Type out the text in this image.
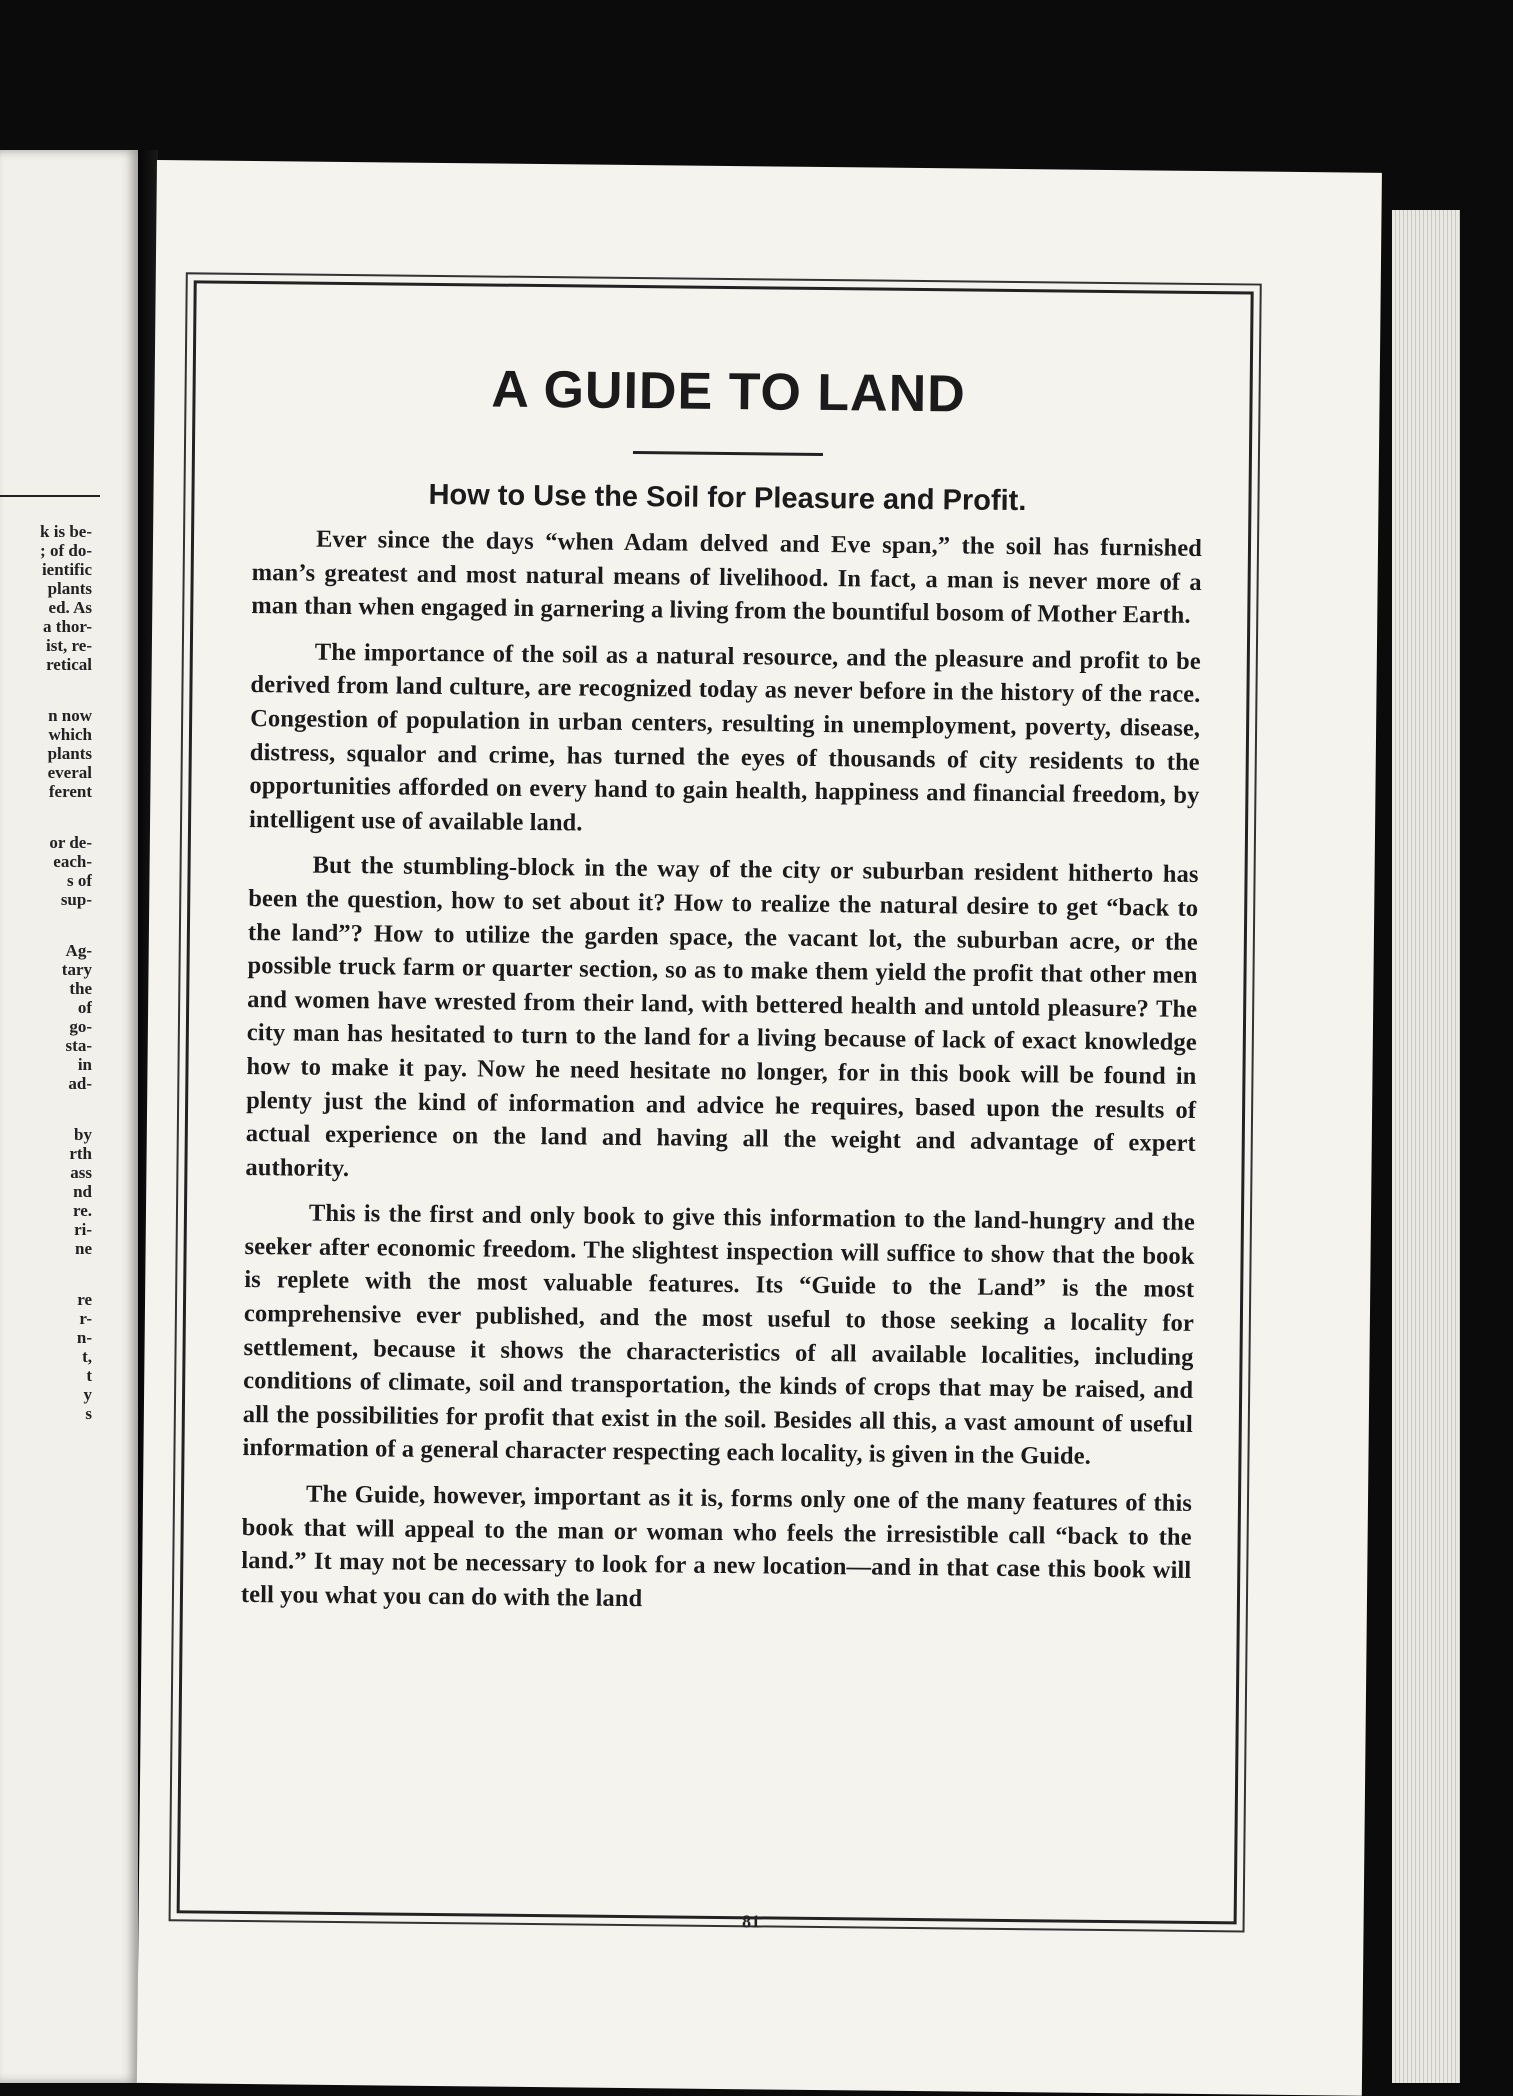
k is be-
; of do-
ientific
plants
ed. As
a thor-
ist, re-
retical
n now
which
plants
everal
ferent
or de-
each-
s of
sup-
Ag-
tary
the
of
go-
sta-
in
ad-
by
rth
ass
nd
re.
ri-
ne
re
r-
n-
t,
t
y
s
A GUIDE TO LAND
How to Use the Soil for Pleasure and Profit.

Ever since the days “when Adam delved and Eve span,” the soil has furnished man’s greatest and most natural means of livelihood. In fact, a man is never more of a man than when engaged in garnering a living from the bountiful bosom of Mother Earth.

The importance of the soil as a natural resource, and the pleasure and profit to be derived from land culture, are recognized today as never before in the history of the race. Congestion of population in urban centers, resulting in unemployment, poverty, disease, distress, squalor and crime, has turned the eyes of thousands of city residents to the opportunities afforded on every hand to gain health, happiness and financial freedom, by intelligent use of available land.

But the stumbling-block in the way of the city or suburban resident hitherto has been the question, how to set about it? How to realize the natural desire to get “back to the land”? How to utilize the garden space, the vacant lot, the suburban acre, or the possible truck farm or quarter section, so as to make them yield the profit that other men and women have wrested from their land, with bettered health and untold pleasure? The city man has hesitated to turn to the land for a living because of lack of exact knowledge how to make it pay. Now he need hesitate no longer, for in this book will be found in plenty just the kind of information and advice he requires, based upon the results of actual experience on the land and having all the weight and advantage of expert authority.

This is the first and only book to give this information to the land-hungry and the seeker after economic freedom. The slightest inspection will suffice to show that the book is replete with the most valuable features. Its “Guide to the Land” is the most comprehensive ever published, and the most useful to those seeking a locality for settlement, because it shows the characteristics of all available localities, including conditions of climate, soil and transportation, the kinds of crops that may be raised, and all the possibilities for profit that exist in the soil. Besides all this, a vast amount of useful information of a general character respecting each locality, is given in the Guide.

The Guide, however, important as it is, forms only one of the many features of this book that will appeal to the man or woman who feels the irresistible call “back to the land.” It may not be necessary to look for a new location—and in that case this book will tell you what you can do with the land

81
